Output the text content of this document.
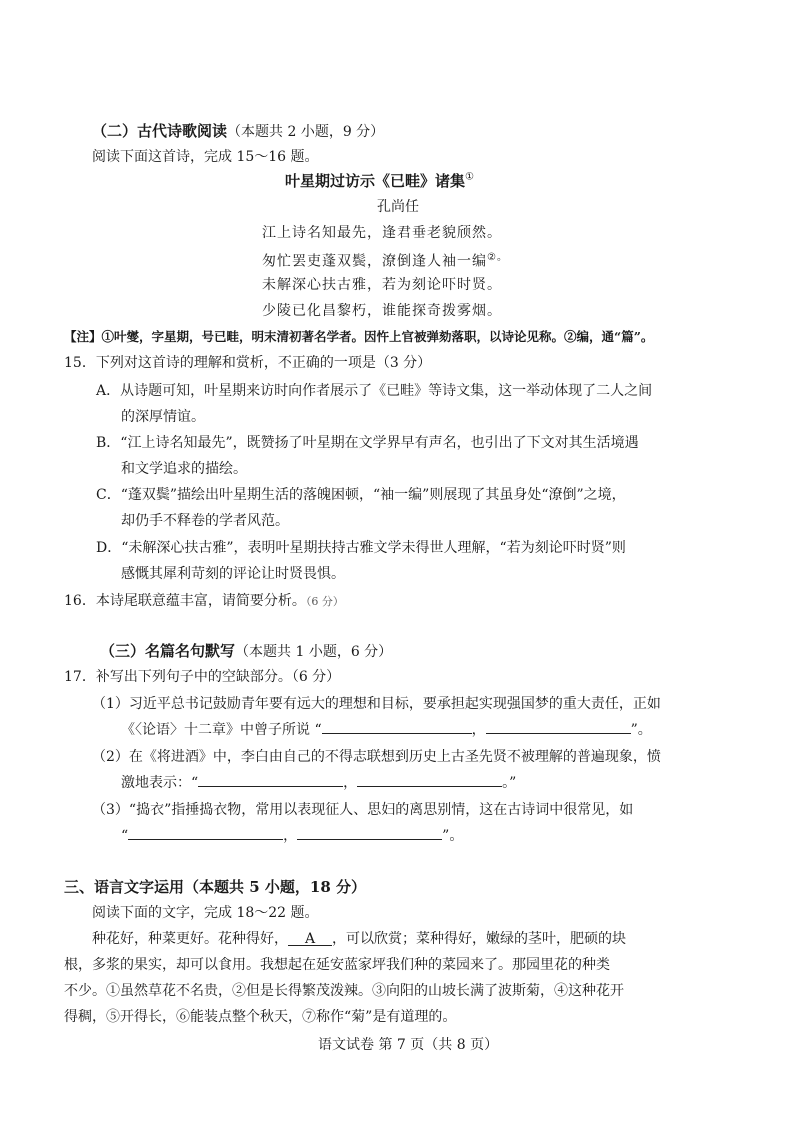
（二）古代诗歌阅读（本题共 2 小题，9 分）
阅读下面这首诗，完成 15～16 题。
叶星期过访示《已畦》诸集①
孔尚任
江上诗名知最先，逢君垂老貌颀然。
匆忙罢吏蓬双鬓，潦倒逢人袖一编②。
未解深心扶古雅，若为刻论吓时贤。
少陵已化昌黎朽，谁能探奇拨雾烟。
【注】①叶燮，字星期，号已畦，明末清初著名学者。因忤上官被弹劾落职，以诗论见称。②编，通“篇”。
15．下列对这首诗的理解和赏析，不正确的一项是（3 分）
A．从诗题可知，叶星期来访时向作者展示了《已畦》等诗文集，这一举动体现了二人之间
的深厚情谊。
B．“江上诗名知最先”，既赞扬了叶星期在文学界早有声名，也引出了下文对其生活境遇
和文学追求的描绘。
C．“蓬双鬓”描绘出叶星期生活的落魄困顿，“袖一编”则展现了其虽身处“潦倒”之境，
却仍手不释卷的学者风范。
D．“未解深心扶古雅”，表明叶星期扶持古雅文学未得世人理解，“若为刻论吓时贤”则
感慨其犀利苛刻的评论让时贤畏惧。
16．本诗尾联意蕴丰富，请简要分析。（6 分）
（三）名篇名句默写（本题共 1 小题，6 分）
17．补写出下列句子中的空缺部分。（6 分）
（1）习近平总书记鼓励青年要有远大的理想和目标，要承担起实现强国梦的重大责任，正如
《〈论语〉十二章》中曾子所说 “	，	”。
（2）在《将进酒》中，李白由自己的不得志联想到历史上古圣先贤不被理解的普遍现象，愤
激地表示：“	，	。”
（3）“捣衣”指捶捣衣物，常用以表现征人、思妇的离思别情，这在古诗词中很常见，如
“	，	”。
三、语言文字运用（本题共 5 小题，18 分）
阅读下面的文字，完成 18～22 题。
种花好，种菜更好。花种得好， A ，可以欣赏；菜种得好，嫩绿的茎叶，肥硕的块
根，多浆的果实，却可以食用。我想起在延安蓝家坪我们种的菜园来了。那园里花的种类
不少。①虽然草花不名贵，②但是长得繁茂泼辣。③向阳的山坡长满了波斯菊，④这种花开
得稠，⑤开得长，⑥能装点整个秋天，⑦称作“菊”是有道理的。
语文试卷 第 7 页（共 8 页）
